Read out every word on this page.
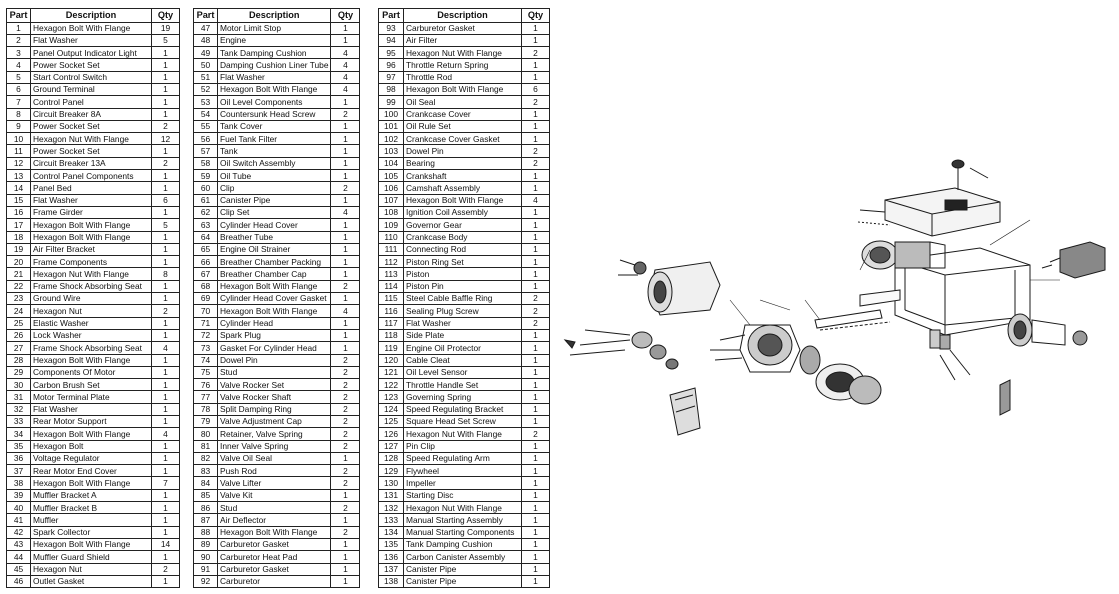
Part	Description	Qty
1	Hexagon Bolt With Flange	19
2	Flat Washer	5
3	Panel Output Indicator Light	1
4	Power Socket Set	1
5	Start Control Switch	1
6	Ground Terminal	1
7	Control Panel	1
8	Circuit Breaker 8A	1
9	Power Socket Set	2
10	Hexagon Nut With Flange	12
11	Power Socket Set	1
12	Circuit Breaker 13A	2
13	Control Panel Components	1
14	Panel Bed	1
15	Flat Washer	6
16	Frame Girder	1
17	Hexagon Bolt With Flange	5
18	Hexagon Bolt With Flange	1
19	Air Filter Bracket	1
20	Frame Components	1
21	Hexagon Nut With Flange	8
22	Frame Shock Absorbing Seat	1
23	Ground Wire	1
24	Hexagon Nut	2
25	Elastic Washer	1
26	Lock Washer	1
27	Frame Shock Absorbing Seat	4
28	Hexagon Bolt With Flange	1
29	Components Of Motor	1
30	Carbon Brush Set	1
31	Motor Terminal Plate	1
32	Flat Washer	1
33	Rear Motor Support	1
34	Hexagon Bolt With Flange	4
35	Hexagon Bolt	1
36	Voltage Regulator	1
37	Rear Motor End Cover	1
38	Hexagon Bolt With Flange	7
39	Muffler Bracket A	1
40	Muffler Bracket B	1
41	Muffler	1
42	Spark Collector	1
43	Hexagon Bolt With Flange	14
44	Muffler Guard Shield	1
45	Hexagon Nut	2
46	Outlet Gasket	1
Part	Description	Qty
47	Motor Limit Stop	1
48	Engine	1
49	Tank Damping Cushion	4
50	Damping Cushion Liner Tube	4
51	Flat Washer	4
52	Hexagon Bolt With Flange	4
53	Oil Level Components	1
54	Countersunk Head Screw	2
55	Tank Cover	1
56	Fuel Tank Filter	1
57	Tank	1
58	Oil Switch Assembly	1
59	Oil Tube	1
60	Clip	2
61	Canister Pipe	1
62	Clip Set	4
63	Cylinder Head Cover	1
64	Breather Tube	1
65	Engine Oil Strainer	1
66	Breather Chamber Packing	1
67	Breather Chamber Cap	1
68	Hexagon Bolt With Flange	2
69	Cylinder Head Cover Gasket	1
70	Hexagon Bolt With Flange	4
71	Cylinder Head	1
72	Spark Plug	1
73	Gasket For Cylinder Head	1
74	Dowel Pin	2
75	Stud	2
76	Valve Rocker Set	2
77	Valve Rocker Shaft	2
78	Split Damping Ring	2
79	Valve Adjustment Cap	2
80	Retainer, Valve Spring	2
81	Inner Valve Spring	2
82	Valve Oil Seal	1
83	Push Rod	2
84	Valve Lifter	2
85	Valve Kit	1
86	Stud	2
87	Air Deflector	1
88	Hexagon Bolt With Flange	2
89	Carburetor Gasket	1
90	Carburetor Heat Pad	1
91	Carburetor Gasket	1
92	Carburetor	1
Part	Description	Qty
93	Carburetor Gasket	1
94	Air Filter	1
95	Hexagon Nut With Flange	2
96	Throttle Return Spring	1
97	Throttle Rod	1
98	Hexagon Bolt With Flange	6
99	Oil Seal	2
100	Crankcase Cover	1
101	Oil Rule Set	1
102	Crankcase Cover Gasket	1
103	Dowel Pin	2
104	Bearing	2
105	Crankshaft	1
106	Camshaft Assembly	1
107	Hexagon Bolt With Flange	4
108	Ignition Coil Assembly	1
109	Governor Gear	1
110	Crankcase Body	1
111	Connecting Rod	1
112	Piston Ring Set	1
113	Piston	1
114	Piston Pin	1
115	Steel Cable Baffle Ring	2
116	Sealing Plug Screw	2
117	Flat Washer	2
118	Side Plate	1
119	Engine Oil Protector	1
120	Cable Cleat	1
121	Oil Level Sensor	1
122	Throttle Handle Set	1
123	Governing Spring	1
124	Speed Regulating Bracket	1
125	Square Head Set Screw	1
126	Hexagon Nut With Flange	2
127	Pin Clip	1
128	Speed Regulating Arm	1
129	Flywheel	1
130	Impeller	1
131	Starting Disc	1
132	Hexagon Nut With Flange	1
133	Manual Starting Assembly	1
134	Manual Starting Components	1
135	Tank Damping Cushion	1
136	Carbon Canister Assembly	1
137	Canister Pipe	1
138	Canister Pipe	1
